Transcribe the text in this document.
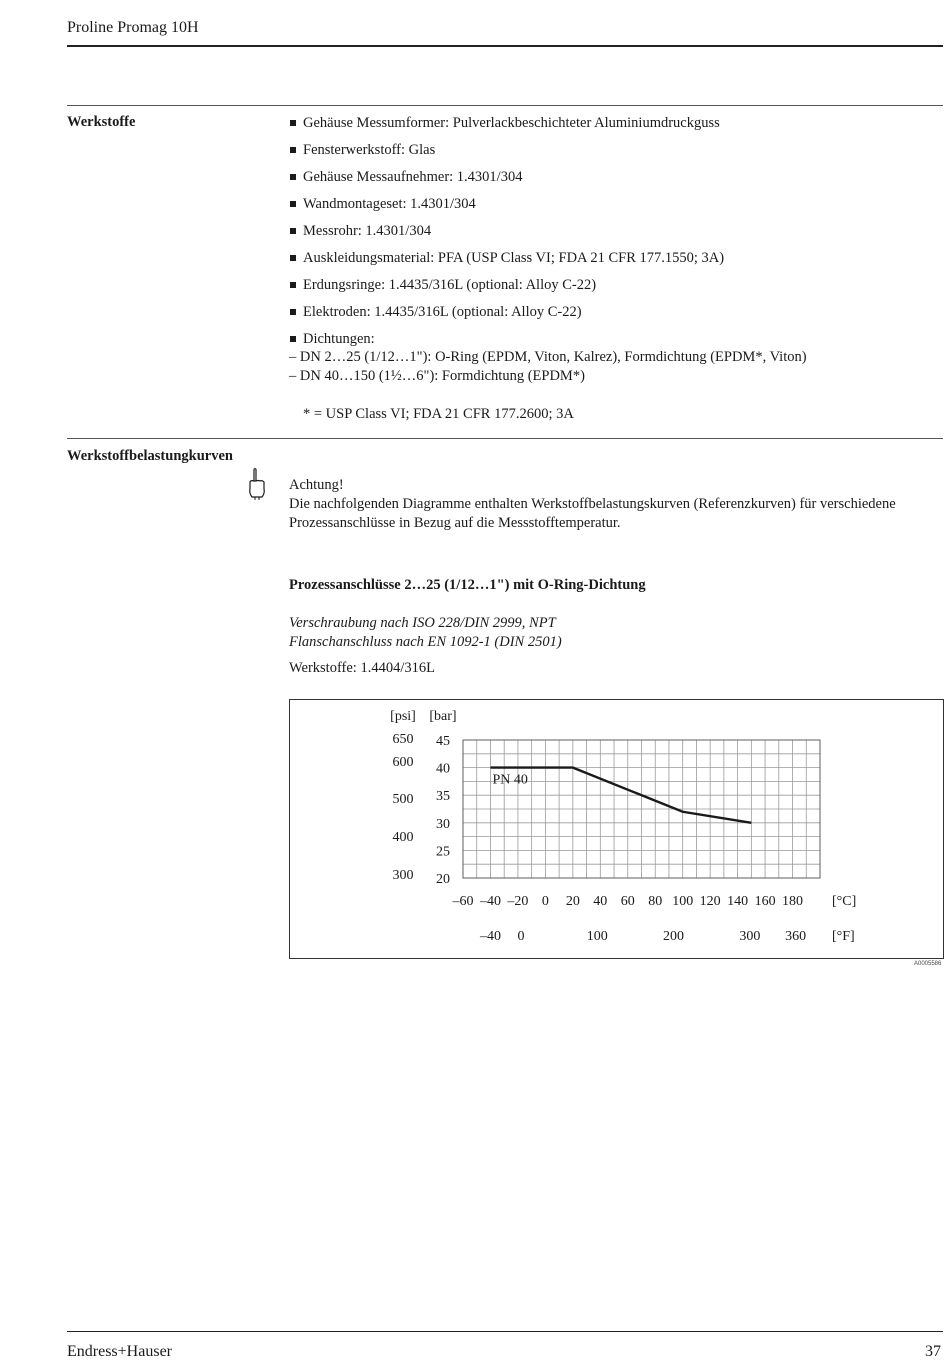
Proline Promag 10H
Werkstoffe	Gehäuse Messumformer: Pulverlackbeschichteter Aluminiumdruckguss
Fensterwerkstoff: Glas
Gehäuse Messaufnehmer: 1.4301/304
Wandmontageset: 1.4301/304
Messrohr: 1.4301/304
Auskleidungsmaterial: PFA (USP Class VI; FDA 21 CFR 177.1550; 3A)
Erdungsringe: 1.4435/316L (optional: Alloy C-22)
Elektroden: 1.4435/316L (optional: Alloy C-22)
Dichtungen:
– DN 2…25 (1/12…1"): O-Ring (EPDM, Viton, Kalrez), Formdichtung (EPDM*, Viton)
– DN 40…150 (1½…6"): Formdichtung (EPDM*)
* = USP Class VI; FDA 21 CFR 177.2600; 3A
Werkstoffbelastungkurven
Achtung!
Die nachfolgenden Diagramme enthalten Werkstoffbelastungskurven (Referenzkurven) für verschiedene Prozessanschlüsse in Bezug auf die Messstofftemperatur.
Prozessanschlüsse 2…25 (1/12…1") mit O-Ring-Dichtung
Verschraubung nach ISO 228/DIN 2999, NPT
Flanschanschluss nach EN 1092-1 (DIN 2501)
Werkstoffe: 1.4404/316L
20
25
30
35
40
45
[bar]
300
400
500
600
650
[psi]
–60 –40 –20 0 20 40 60 80 100 120 140 160 180 [°C]
–40 0	100	200	300 360 [°F]
PN 40
A0005586
Endress+Hauser	37
